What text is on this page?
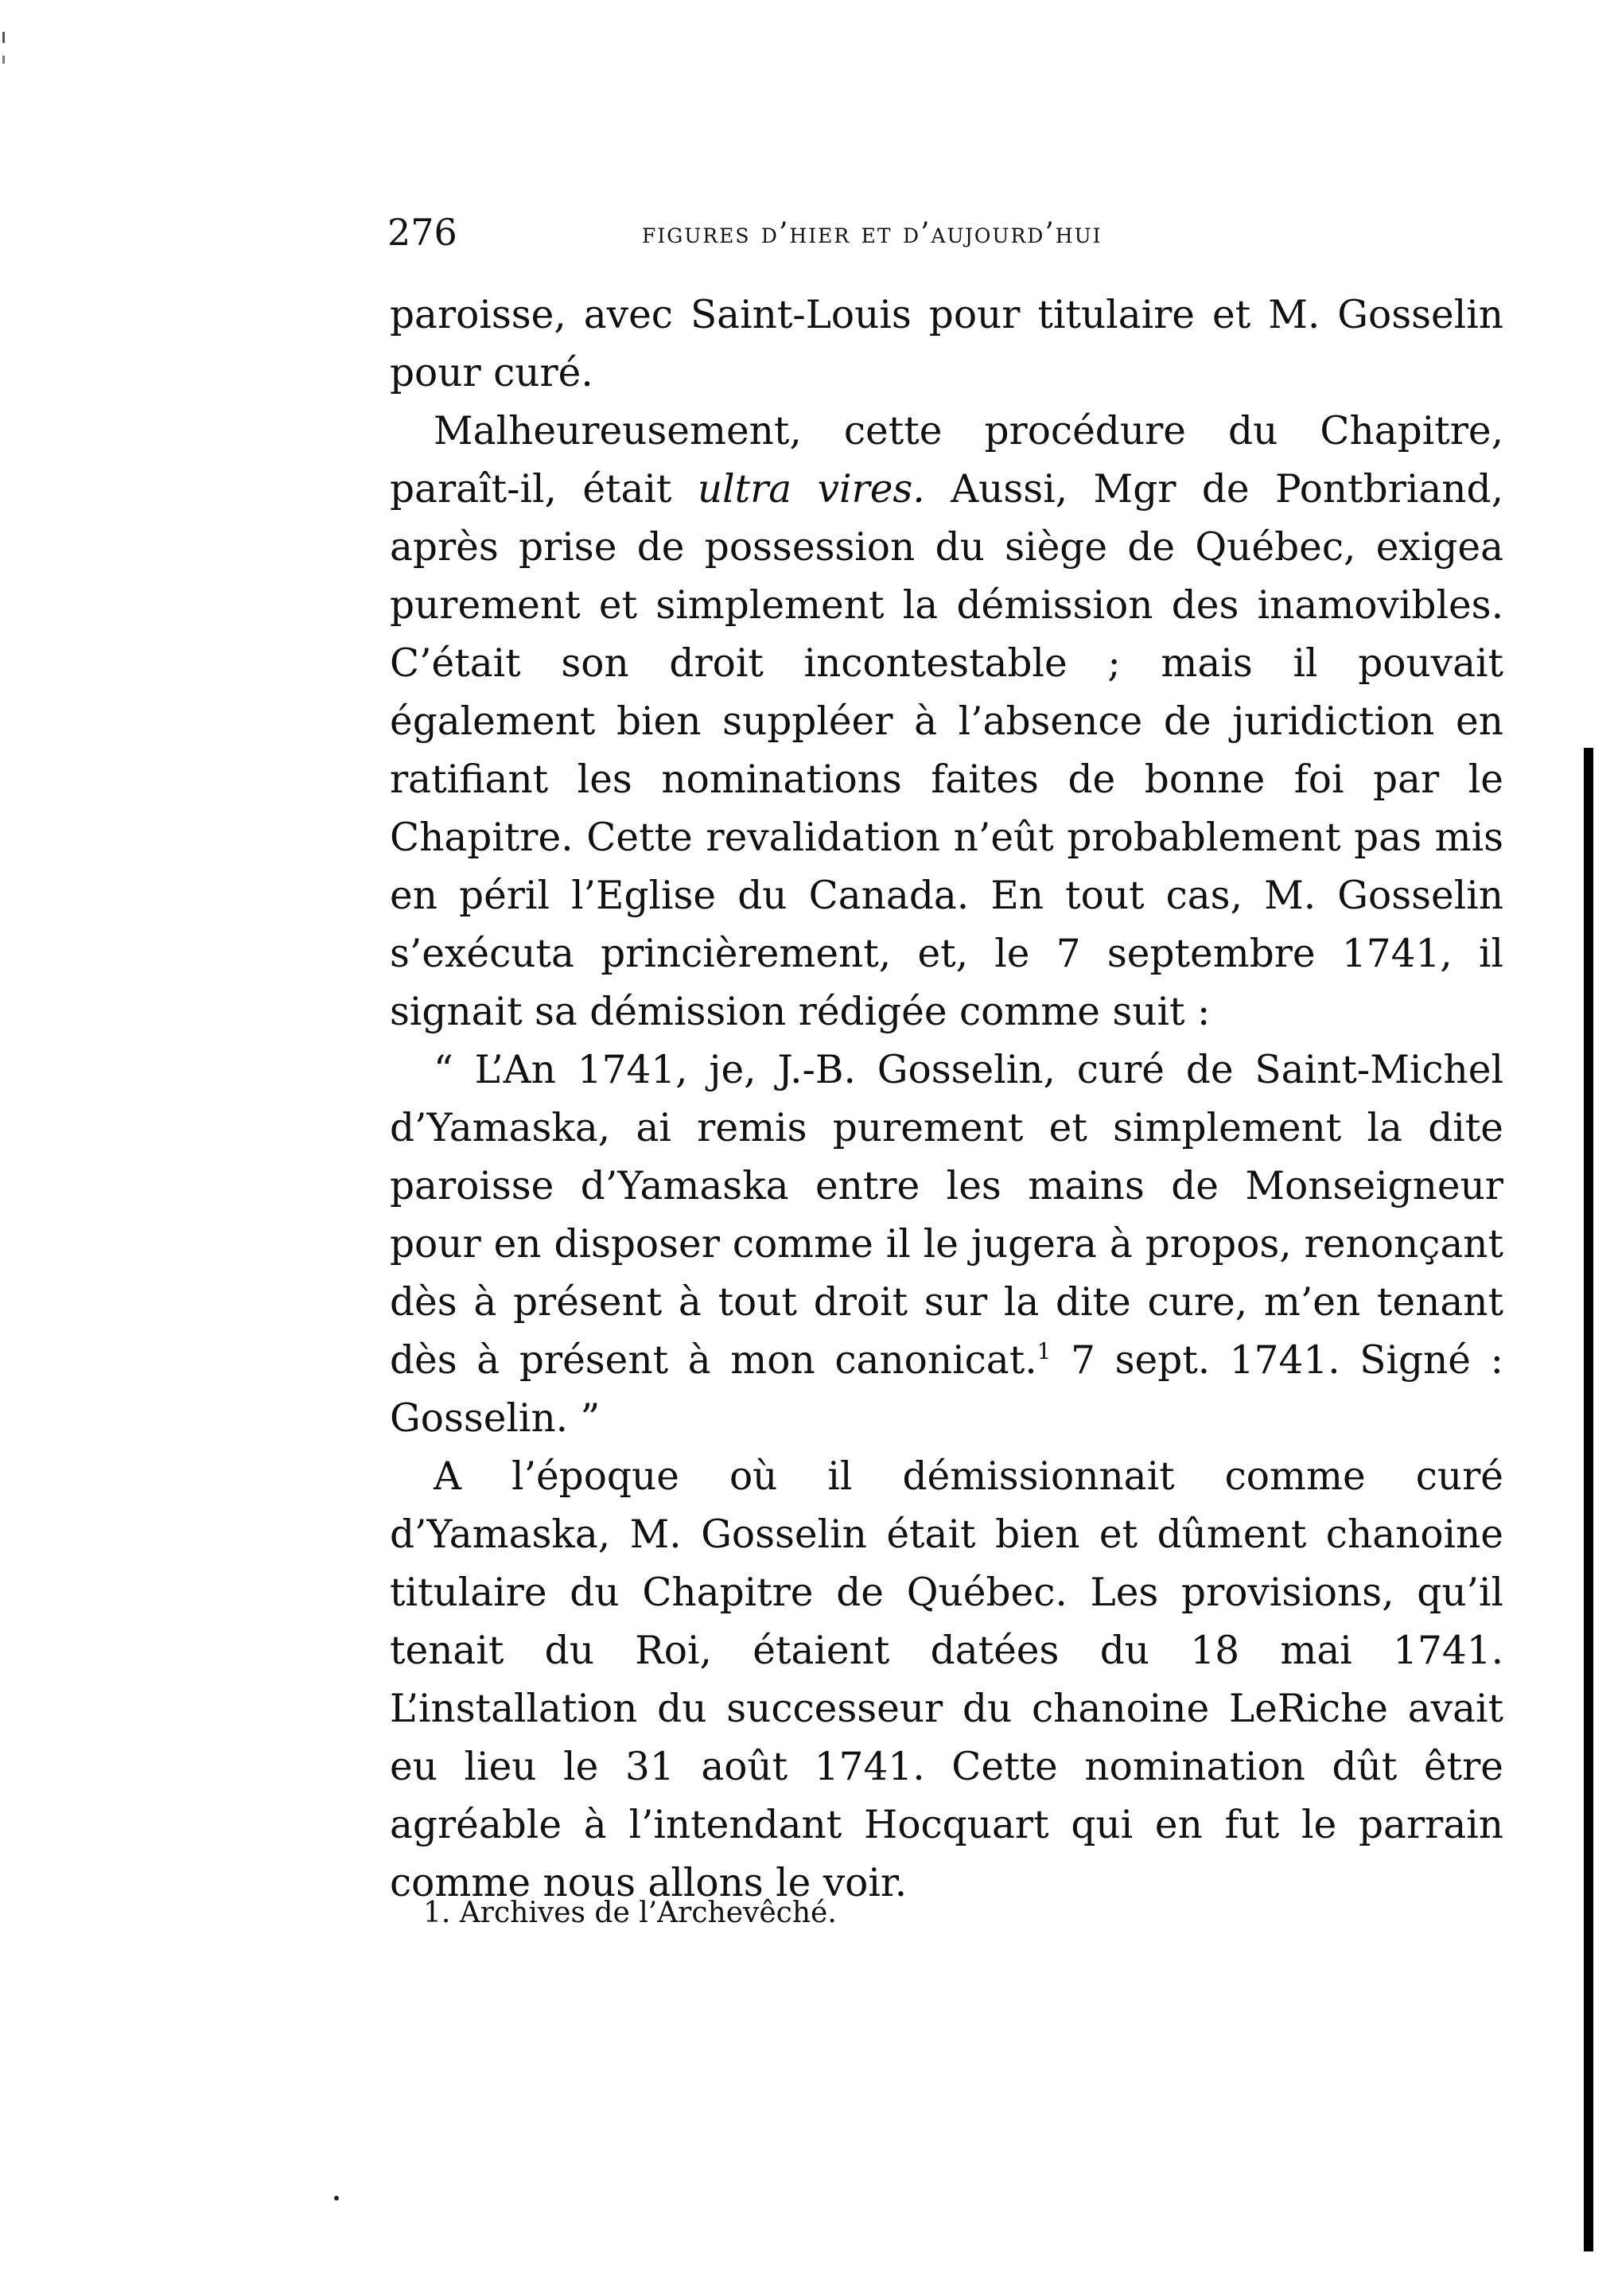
276	figures d’hier et d’aujourd’hui

paroisse, avec Saint-Louis pour titulaire et M. Gosselin pour curé.

Malheureusement, cette procédure du Chapitre, paraît-il, était ultra vires. Aussi, Mgr de Pontbriand, après prise de possession du siège de Québec, exigea purement et simplement la démission des inamovibles. C’était son droit incontestable ; mais il pouvait également bien suppléer à l’absence de juridiction en ratifiant les nominations faites de bonne foi par le Chapitre. Cette revalidation n’eût probablement pas mis en péril l’Eglise du Canada. En tout cas, M. Gosselin s’exécuta princièrement, et, le 7 septembre 1741, il signait sa démission rédigée comme suit :

“ L’An 1741, je, J.-B. Gosselin, curé de Saint-Michel d’Yamaska, ai remis purement et simplement la dite paroisse d’Yamaska entre les mains de Monseigneur pour en disposer comme il le jugera à propos, renonçant dès à présent à tout droit sur la dite cure, m’en tenant dès à présent à mon canonicat.$^1$ 7 sept. 1741. Signé : Gosselin. ”

A l’époque où il démissionnait comme curé d’Yamaska, M. Gosselin était bien et dûment chanoine titulaire du Chapitre de Québec. Les provisions, qu’il tenait du Roi, étaient datées du 18 mai 1741. L’installation du successeur du chanoine LeRiche avait eu lieu le 31 août 1741. Cette nomination dût être agréable à l’intendant Hocquart qui en fut le parrain comme nous allons le voir.

1. Archives de l’Archevêché.
